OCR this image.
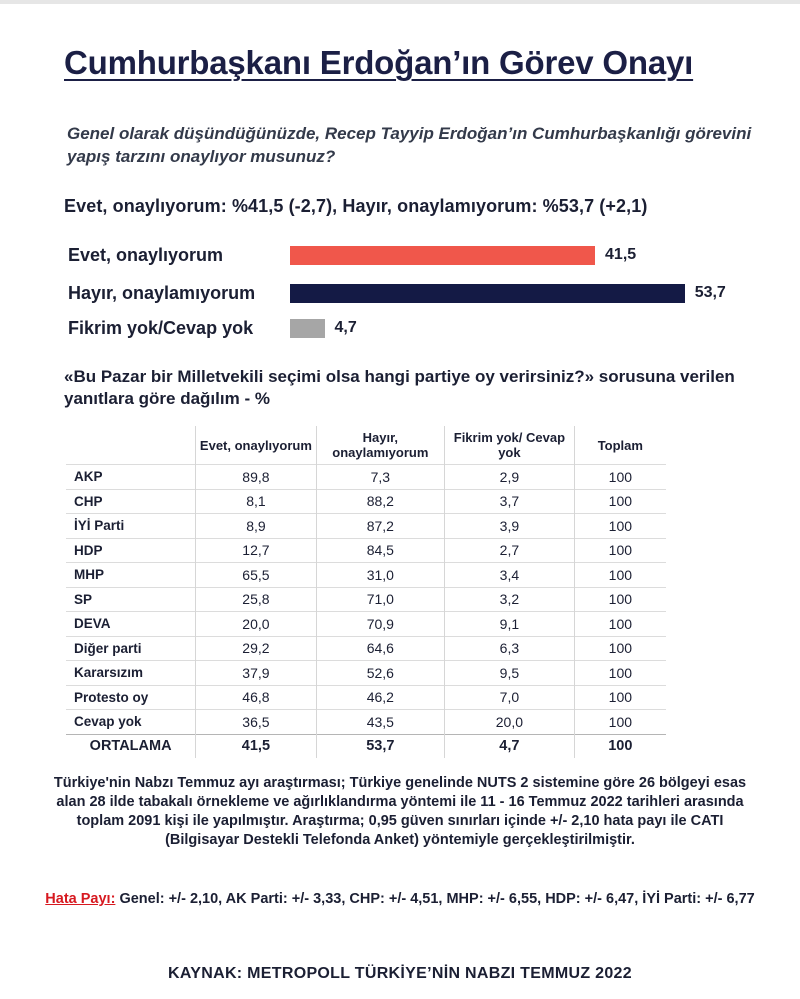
Cumhurbaşkanı Erdoğan’ın Görev Onayı
Genel olarak düşündüğünüzde, Recep Tayyip Erdoğan’ın Cumhurbaşkanlığı görevini yapış tarzını onaylıyor musunuz?
Evet, onaylıyorum: %41,5 (-2,7), Hayır, onaylamıyorum: %53,7 (+2,1)
Evet, onaylıyorum	41,5
Hayır, onaylamıyorum	53,7
Fikrim yok/Cevap yok	4,7
«Bu Pazar bir Milletvekili seçimi olsa hangi partiye oy verirsiniz?» sorusuna verilen yanıtlara göre dağılım - %
	Evet, onaylıyorum	Hayır, onaylamıyorum	Fikrim yok/ Cevap yok	Toplam
AKP	89,8	7,3	2,9	100
CHP	8,1	88,2	3,7	100
İYİ Parti	8,9	87,2	3,9	100
HDP	12,7	84,5	2,7	100
MHP	65,5	31,0	3,4	100
SP	25,8	71,0	3,2	100
DEVA	20,0	70,9	9,1	100
Diğer parti	29,2	64,6	6,3	100
Kararsızım	37,9	52,6	9,5	100
Protesto oy	46,8	46,2	7,0	100
Cevap yok	36,5	43,5	20,0	100
ORTALAMA	41,5	53,7	4,7	100
Türkiye'nin Nabzı Temmuz ayı araştırması; Türkiye genelinde NUTS 2 sistemine göre 26 bölgeyi esas alan 28 ilde tabakalı örnekleme ve ağırlıklandırma yöntemi ile 11 - 16 Temmuz 2022 tarihleri arasında toplam 2091 kişi ile yapılmıştır. Araştırma; 0,95 güven sınırları içinde +/- 2,10 hata payı ile CATI (Bilgisayar Destekli Telefonda Anket) yöntemiyle gerçekleştirilmiştir.
Hata Payı: Genel: +/- 2,10, AK Parti: +/- 3,33, CHP: +/- 4,51, MHP: +/- 6,55, HDP: +/- 6,47, İYİ Parti: +/- 6,77
KAYNAK: METROPOLL TÜRKİYE’NİN NABZI TEMMUZ 2022
